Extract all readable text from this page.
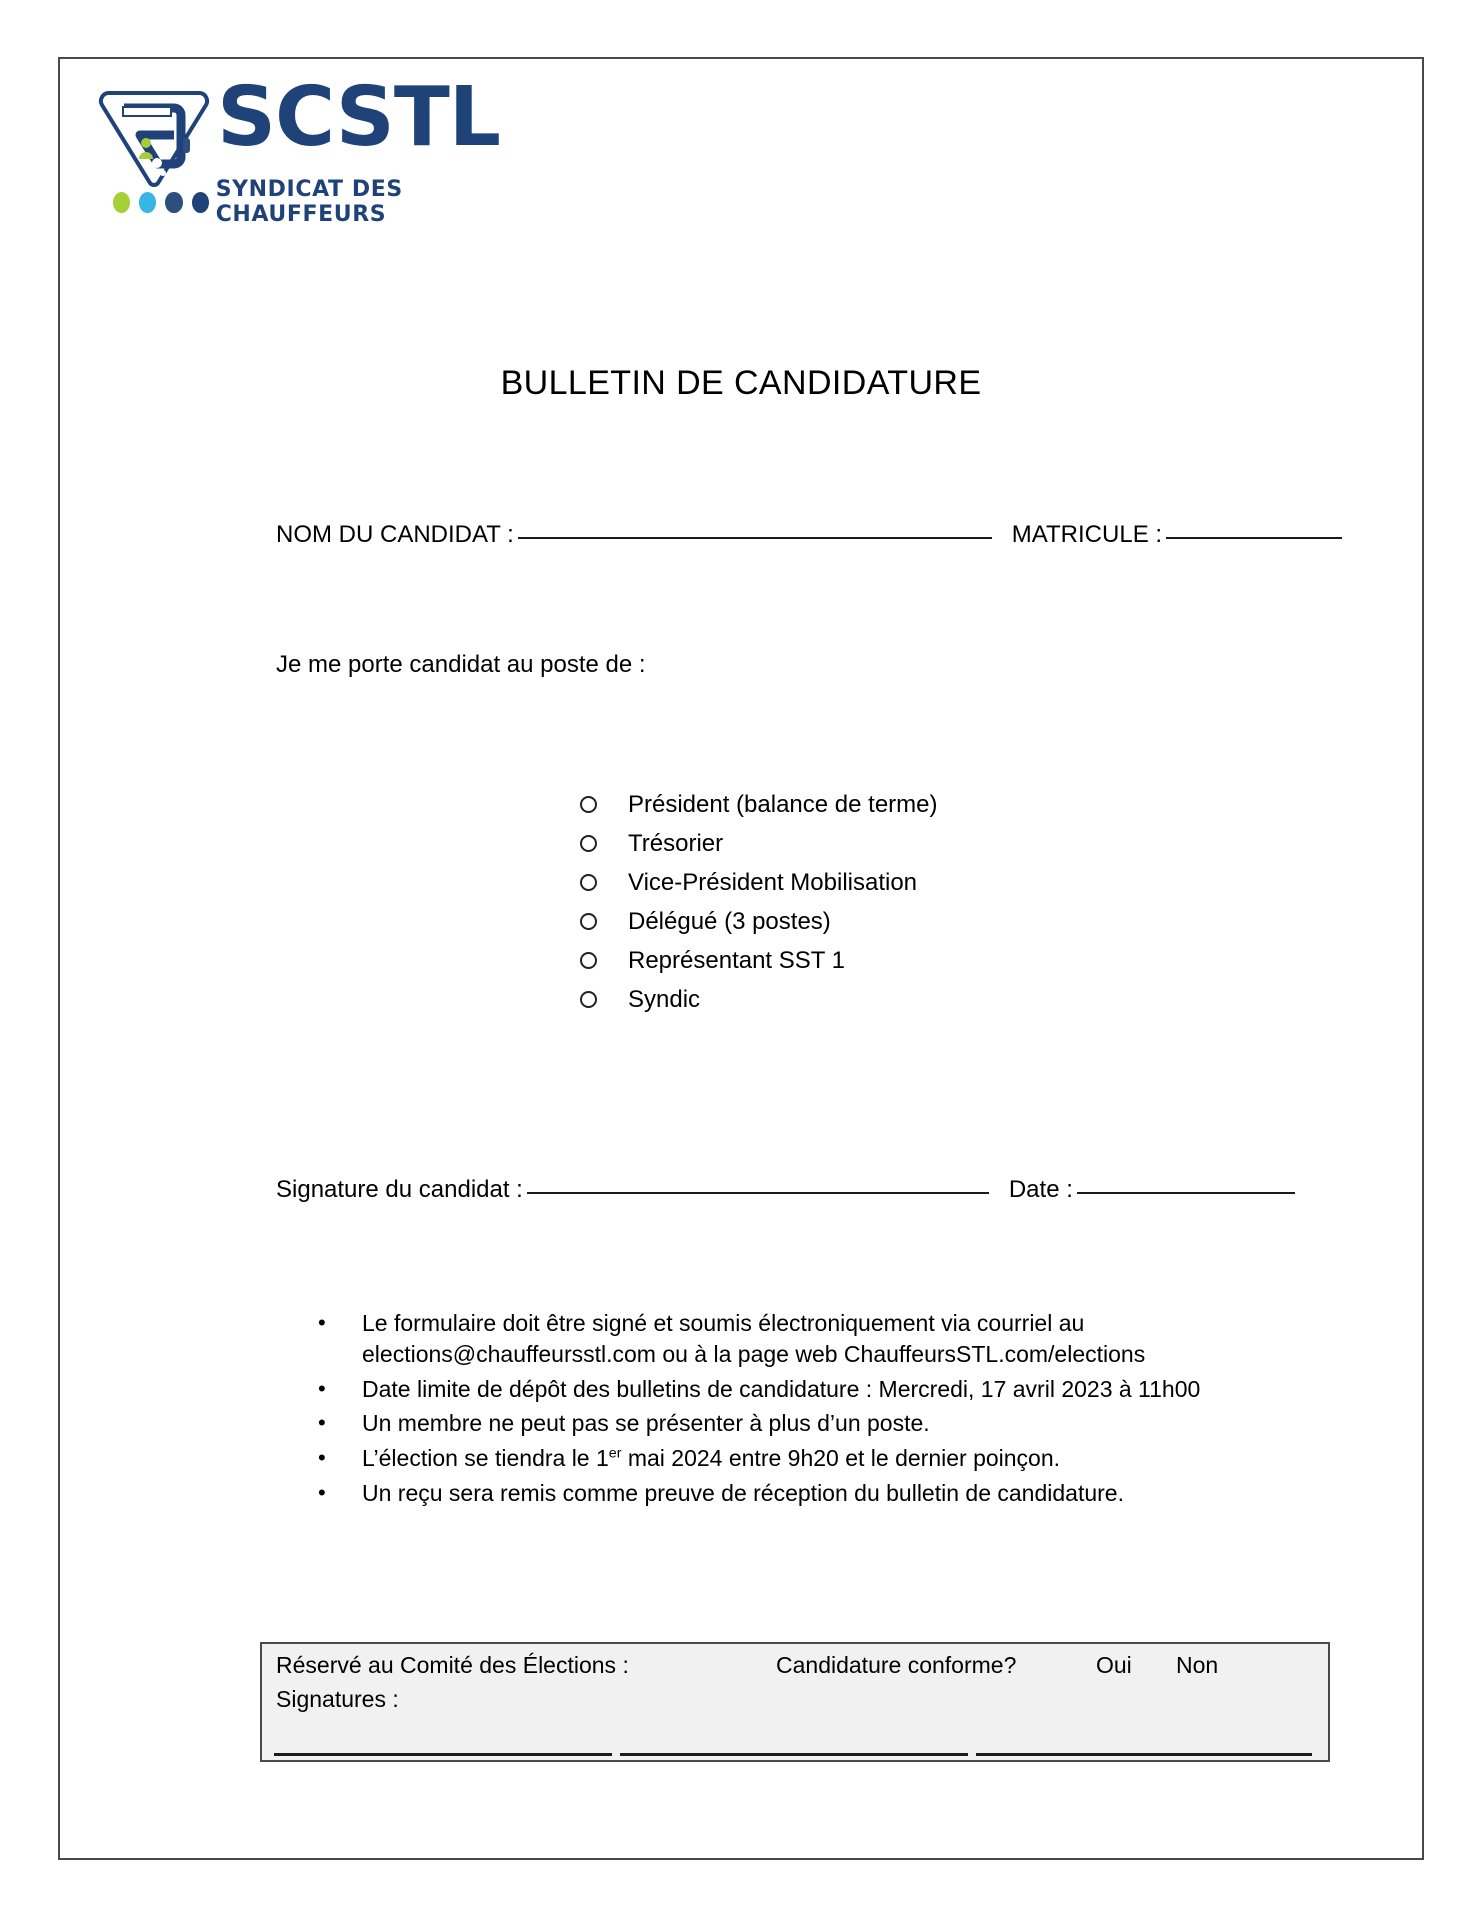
SCSTL
SYNDICAT DES CHAUFFEURS
BULLETIN DE CANDIDATURE
NOM DU CANDIDAT :	MATRICULE :
Je me porte candidat au poste de :
Président (balance de terme)
Trésorier
Vice-Président Mobilisation
Délégué (3 postes)
Représentant SST 1
Syndic
Signature du candidat :	Date :
•	Le formulaire doit être signé et soumis électroniquement via courriel au elections@chauffeursstl.com ou à la page web ChauffeursSTL.com/elections
•	Date limite de dépôt des bulletins de candidature : Mercredi, 17 avril 2023 à 11h00
•	Un membre ne peut pas se présenter à plus d’un poste.
•	L’élection se tiendra le 1er mai 2024 entre 9h20 et le dernier poinçon.
•	Un reçu sera remis comme preuve de réception du bulletin de candidature.
Réservé au Comité des Élections :	Candidature conforme?	Oui Non
Signatures :
